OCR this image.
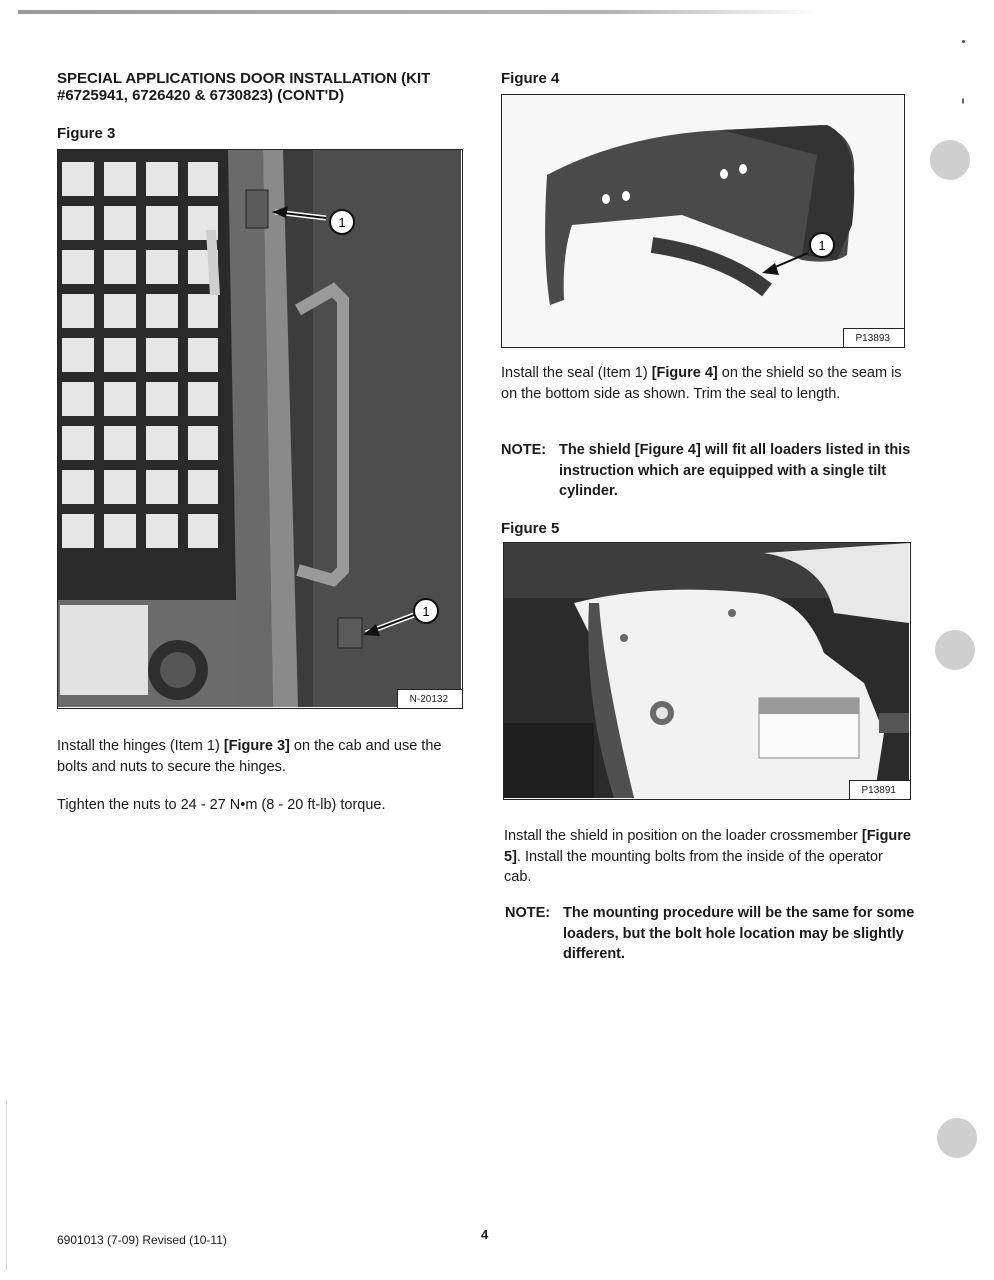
SPECIAL APPLICATIONS DOOR INSTALLATION (KIT #6725941, 6726420 & 6730823) (CONT'D)

Figure 3

1
1
N-20132

Install the hinges (Item 1) [Figure 3] on the cab and use the bolts and nuts to secure the hinges.

Tighten the nuts to 24 - 27 N•m (8 - 20 ft-lb) torque.

Figure 4

1
P13893

Install the seal (Item 1) [Figure 4] on the shield so the seam is on the bottom side as shown. Trim the seal to length.

NOTE: The shield [Figure 4] will fit all loaders listed in this instruction which are equipped with a single tilt cylinder.

Figure 5

P13891

Install the shield in position on the loader crossmember [Figure 5]. Install the mounting bolts from the inside of the operator cab.

NOTE: The mounting procedure will be the same for some loaders, but the bolt hole location may be slightly different.
6901013 (7-09) Revised (10-11)	4
